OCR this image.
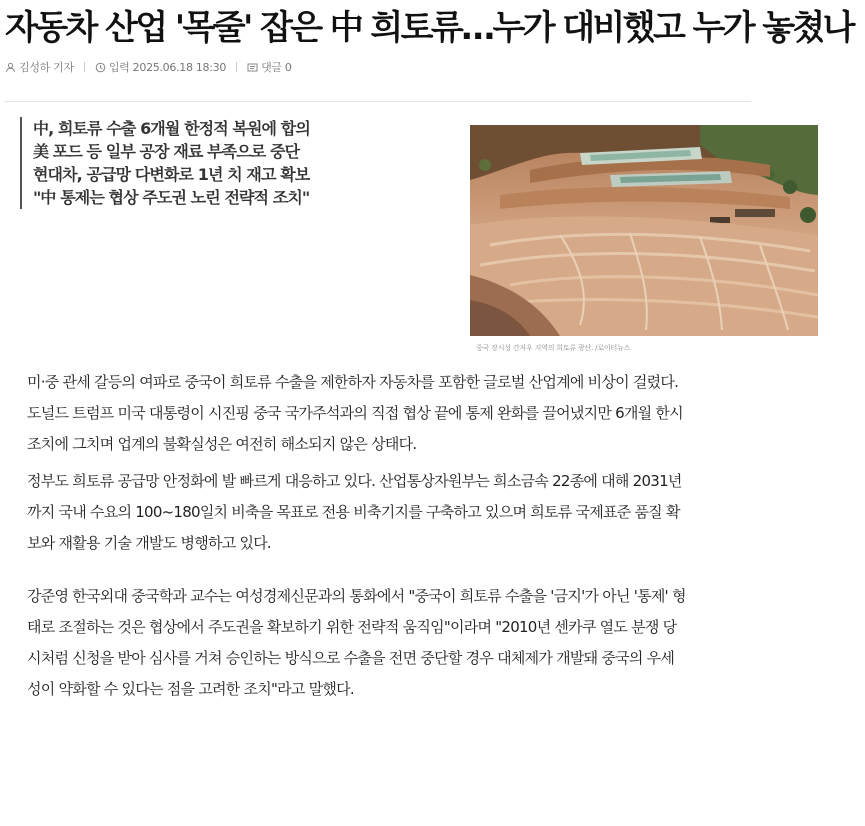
자동차 산업 '목줄' 잡은 中 희토류…누가 대비했고 누가 놓쳤나
김성하 기자	입력 2025.06.18 18:30	댓글 0
中, 희토류 수출 6개월 한정적 복원에 합의
美 포드 등 일부 공장 재료 부족으로 중단
현대차, 공급망 다변화로 1년 치 재고 확보
"中 통제는 협상 주도권 노린 전략적 조치"
중국 장시성 간저우 지역의 희토류 광산. /로이터뉴스

미·중 관세 갈등의 여파로 중국이 희토류 수출을 제한하자 자동차를 포함한 글로벌 산업계에 비상이 걸렸다.
도널드 트럼프 미국 대통령이 시진핑 중국 국가주석과의 직접 협상 끝에 통제 완화를 끌어냈지만 6개월 한시
조치에 그치며 업계의 불확실성은 여전히 해소되지 않은 상태다.

정부도 희토류 공급망 안정화에 발 빠르게 대응하고 있다. 산업통상자원부는 희소금속 22종에 대해 2031년
까지 국내 수요의 100~180일치 비축을 목표로 전용 비축기지를 구축하고 있으며 희토류 국제표준 품질 확
보와 재활용 기술 개발도 병행하고 있다.

강준영 한국외대 중국학과 교수는 여성경제신문과의 통화에서 "중국이 희토류 수출을 '금지'가 아닌 '통제' 형
태로 조절하는 것은 협상에서 주도권을 확보하기 위한 전략적 움직임"이라며 "2010년 센카쿠 열도 분쟁 당
시처럼 신청을 받아 심사를 거쳐 승인하는 방식으로 수출을 전면 중단할 경우 대체제가 개발돼 중국의 우세
성이 약화할 수 있다는 점을 고려한 조치"라고 말했다.
